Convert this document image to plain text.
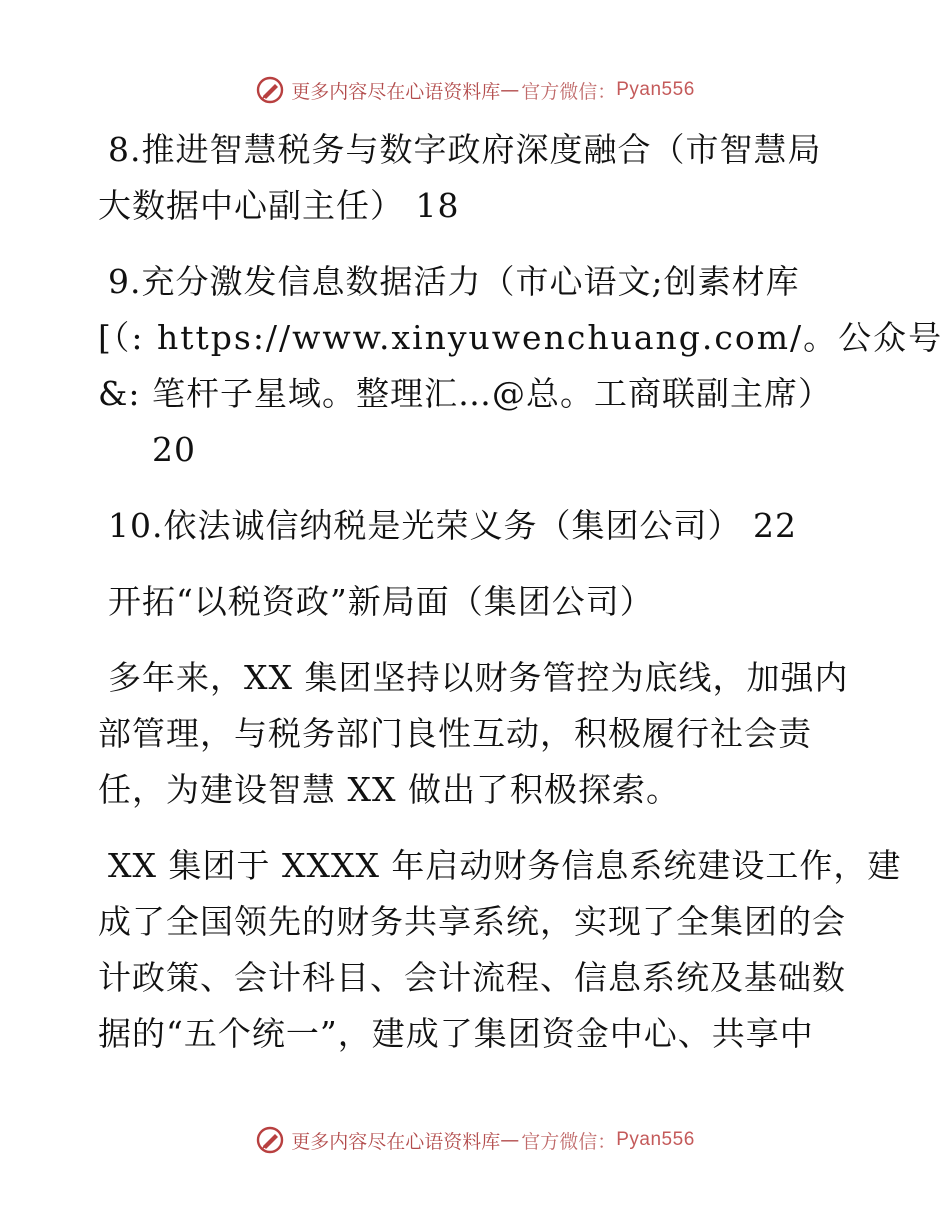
更多内容尽在心语资料库 — 官方微信： Pyan556
8.推进智慧税务与数字政府深度融合（市智慧局
大数据中心副主任） 18
9.充分激发信息数据活力（市心语文;创素材库
[（: https://www.xinyuwenchuang.com/。公众号
&: 笔杆子星域。整理汇…@总。工商联副主席）
20
10.依法诚信纳税是光荣义务（集团公司） 22
开拓“以税资政”新局面（集团公司）
多年来，XX 集团坚持以财务管控为底线，加强内
部管理，与税务部门良性互动，积极履行社会责
任，为建设智慧 XX 做出了积极探索。
XX 集团于 XXXX 年启动财务信息系统建设工作，建
成了全国领先的财务共享系统，实现了全集团的会
计政策、会计科目、会计流程、信息系统及基础数
据的“五个统一”，建成了集团资金中心、共享中
更多内容尽在心语资料库 — 官方微信： Pyan556
